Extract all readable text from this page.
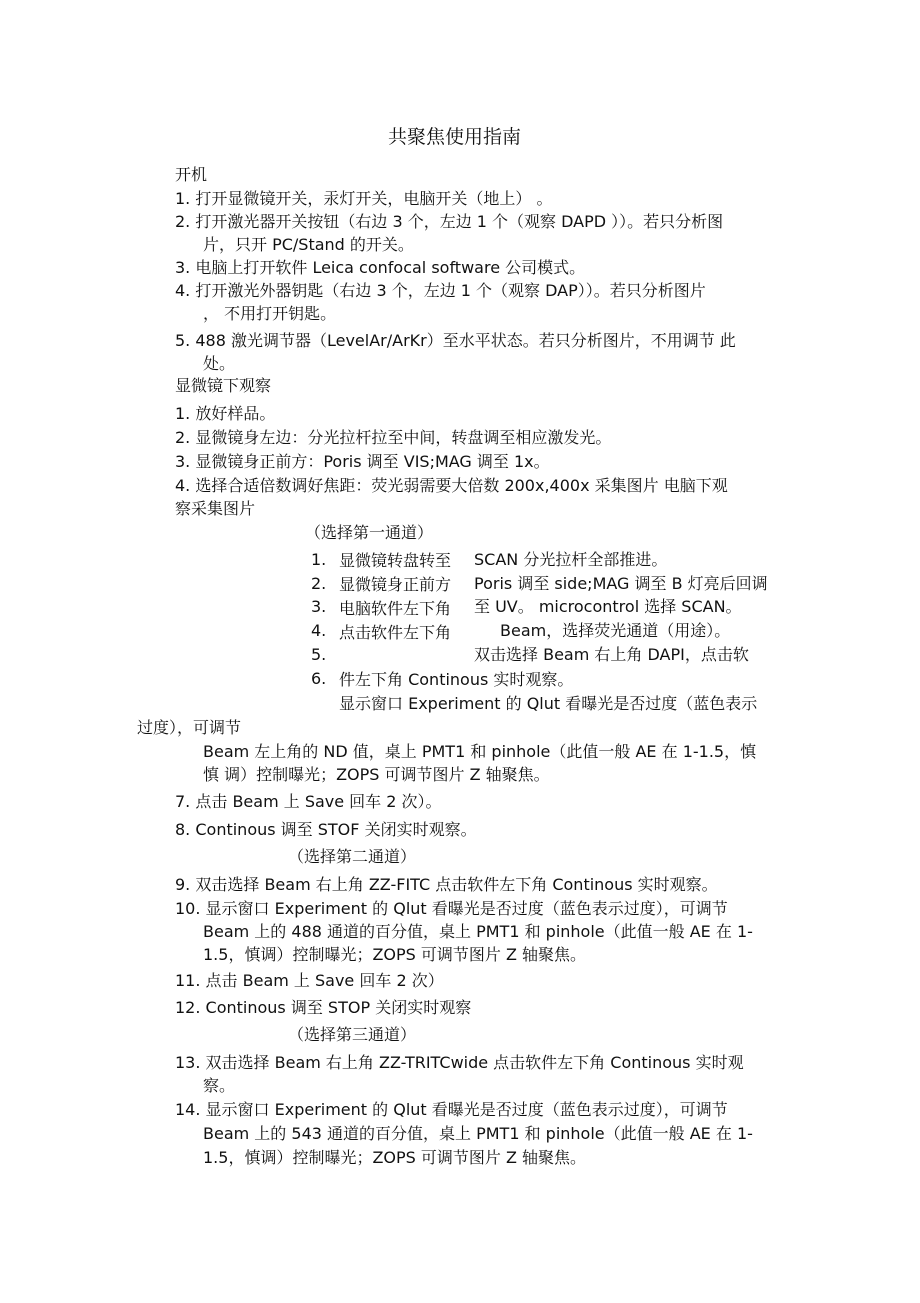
共聚焦使用指南
开机
1. 打开显微镜开关，汞灯开关，电脑开关（地上） 。
2. 打开激光器开关按钮（右边 3 个，左边 1 个（观察 DAPD ））。若只分析图
片，只开 PC/Stand 的开关。
3. 电脑上打开软件 Leica confocal software 公司模式。
4. 打开激光外器钥匙（右边 3 个，左边 1 个（观察 DAP））。若只分析图片
， 不用打开钥匙。
5. 488 激光调节器（LevelAr/ArKr）至水平状态。若只分析图片，不用调节 此
处。
显微镜下观察
1. 放好样品。
2. 显微镜身左边：分光拉杆拉至中间，转盘调至相应激发光。
3. 显微镜身正前方：Poris 调至 VIS;MAG 调至 1x。
4. 选择合适倍数调好焦距：荧光弱需要大倍数 200x,400x 采集图片 电脑下观
察采集图片
（选择第一通道）
1.
2.
3.
4.
5.
6.
显微镜转盘转至
显微镜身正前方
电脑软件左下角
点击软件左下角
SCAN 分光拉杆全部推进。
Poris 调至 side;MAG 调至 B 灯亮后回调
至 UV。 microcontrol 选择 SCAN。
Beam，选择荧光通道（用途）。
双击选择 Beam 右上角 DAPI，点击软
件左下角 Continous 实时观察。
显示窗口 Experiment 的 Qlut 看曝光是否过度（蓝色表示
过度），可调节
Beam 左上角的 ND 值，桌上 PMT1 和 pinhole（此值一般 AE 在 1-1.5，慎
慎 调）控制曝光；ZOPS 可调节图片 Z 轴聚焦。
7. 点击 Beam 上 Save 回车 2 次）。
8. Continous 调至 STOF 关闭实时观察。
（选择第二通道）
9. 双击选择 Beam 右上角 ZZ-FITC 点击软件左下角 Continous 实时观察。
10. 显示窗口 Experiment 的 Qlut 看曝光是否过度（蓝色表示过度），可调节
Beam 上的 488 通道的百分值，桌上 PMT1 和 pinhole（此值一般 AE 在 1-
1.5，慎调）控制曝光；ZOPS 可调节图片 Z 轴聚焦。
11. 点击 Beam 上 Save 回车 2 次）
12. Continous 调至 STOP 关闭实时观察
（选择第三通道）
13. 双击选择 Beam 右上角 ZZ-TRITCwide 点击软件左下角 Continous 实时观
察。
14. 显示窗口 Experiment 的 Qlut 看曝光是否过度（蓝色表示过度），可调节
Beam 上的 543 通道的百分值，桌上 PMT1 和 pinhole（此值一般 AE 在 1-
1.5，慎调）控制曝光；ZOPS 可调节图片 Z 轴聚焦。
